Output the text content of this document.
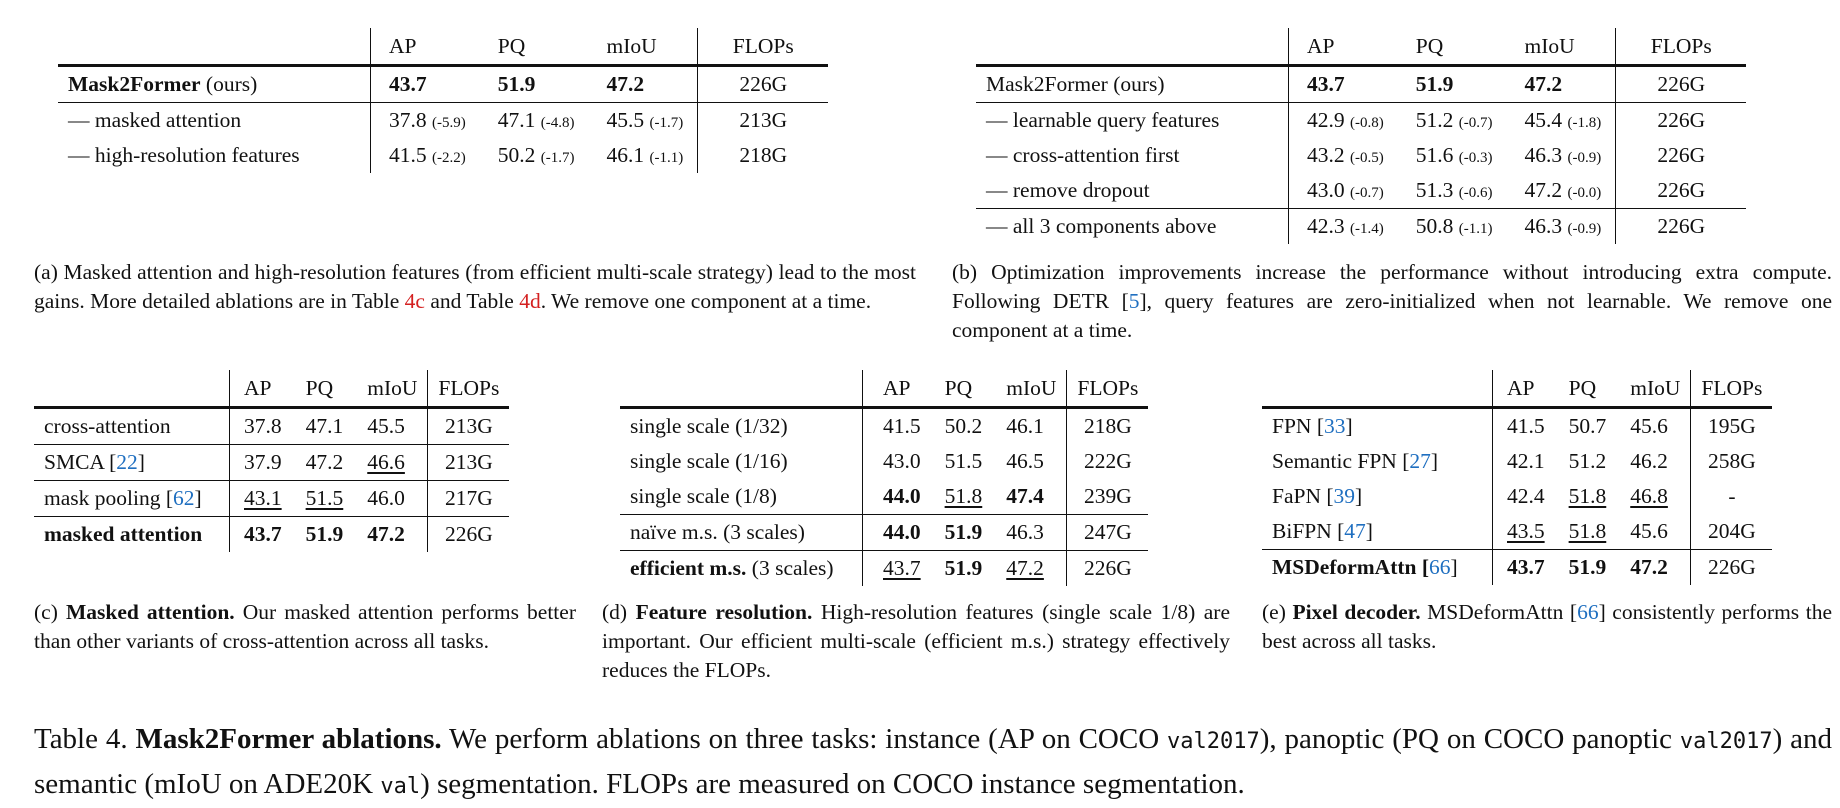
	AP	PQ	mIoU	FLOPs
Mask2Former (ours)	43.7	51.9	47.2	226G
— masked attention	37.8 (-5.9)	47.1 (-4.8)	45.5 (-1.7)	213G
— high-resolution features	41.5 (-2.2)	50.2 (-1.7)	46.1 (-1.1)	218G
(a) Masked attention and high-resolution features (from efficient multi-scale strategy) lead to the most gains. More detailed ablations are in Table 4c and Table 4d. We remove one component at a time.
	AP	PQ	mIoU	FLOPs
Mask2Former (ours)	43.7	51.9	47.2	226G
— learnable query features	42.9 (-0.8)	51.2 (-0.7)	45.4 (-1.8)	226G
— cross-attention first	43.2 (-0.5)	51.6 (-0.3)	46.3 (-0.9)	226G
— remove dropout	43.0 (-0.7)	51.3 (-0.6)	47.2 (-0.0)	226G
— all 3 components above	42.3 (-1.4)	50.8 (-1.1)	46.3 (-0.9)	226G
(b) Optimization improvements increase the performance without introducing extra compute. Following DETR [5], query features are zero-initialized when not learnable. We remove one component at a time.
	AP	PQ	mIoU	FLOPs
cross-attention	37.8	47.1	45.5	213G
SMCA [22]	37.9	47.2	46.6	213G
mask pooling [62]	43.1	51.5	46.0	217G
masked attention	43.7	51.9	47.2	226G
(c) Masked attention. Our masked attention performs better than other variants of cross-attention across all tasks.
	AP	PQ	mIoU	FLOPs
single scale (1/32)	41.5	50.2	46.1	218G
single scale (1/16)	43.0	51.5	46.5	222G
single scale (1/8)	44.0	51.8	47.4	239G
naïve m.s. (3 scales)	44.0	51.9	46.3	247G
efficient m.s. (3 scales)	43.7	51.9	47.2	226G
(d) Feature resolution. High-resolution features (single scale 1/8) are important. Our efficient multi-scale (efficient m.s.) strategy effectively reduces the FLOPs.
	AP	PQ	mIoU	FLOPs
FPN [33]	41.5	50.7	45.6	195G
Semantic FPN [27]	42.1	51.2	46.2	258G
FaPN [39]	42.4	51.8	46.8	-
BiFPN [47]	43.5	51.8	45.6	204G
MSDeformAttn [66]	43.7	51.9	47.2	226G
(e) Pixel decoder. MSDeformAttn [66] consistently performs the best across all tasks.
Table 4. Mask2Former ablations. We perform ablations on three tasks: instance (AP on COCO val2017), panoptic (PQ on COCO panoptic val2017) and semantic (mIoU on ADE20K val) segmentation. FLOPs are measured on COCO instance segmentation.
